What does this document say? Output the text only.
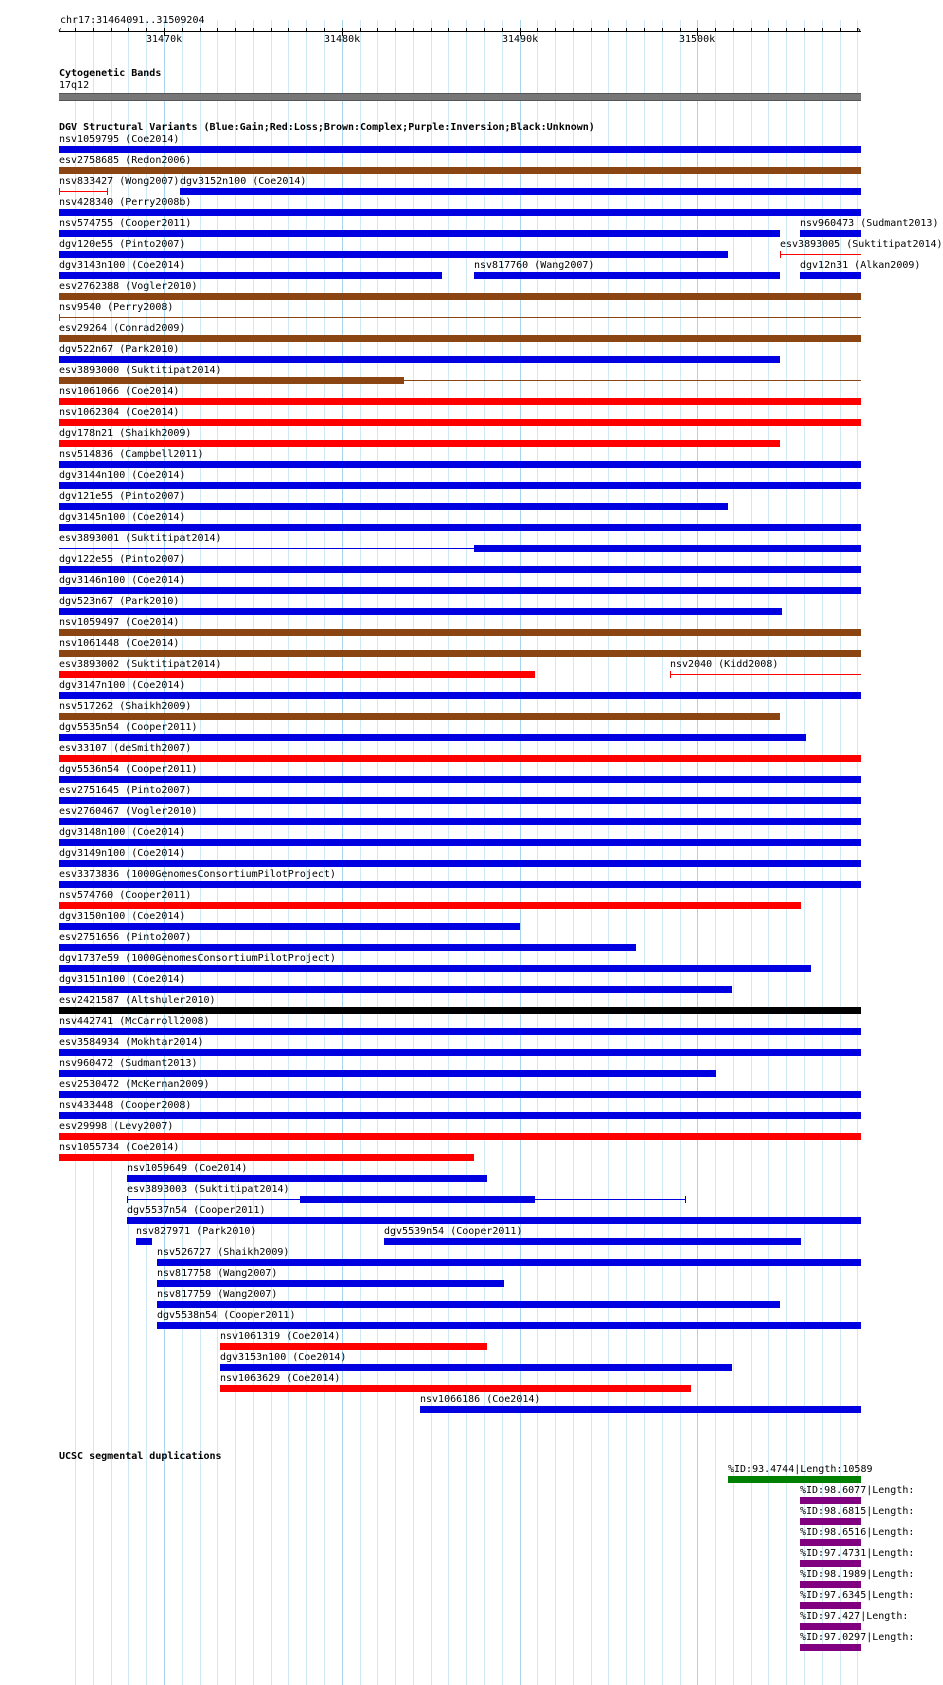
chr17:31464091..31509204
Cytogenetic Bands
17q12
DGV Structural Variants (Blue:Gain;Red:Loss;Brown:Complex;Purple:Inversion;Black:Unknown)
UCSC segmental duplications
31470k	31480k	31490k	31500k
‹	›
nsv1059795 (Coe2014)
esv2758685 (Redon2006)
nsv833427 (Wong2007) dgv3152n100 (Coe2014)
nsv428340 (Perry2008b)
nsv574755 (Cooper2011)	nsv960473 (Sudmant2013)
dgv120e55 (Pinto2007)	esv3893005 (Suktitipat2014)
dgv3143n100 (Coe2014)	nsv817760 (Wang2007)	dgv12n31 (Alkan2009)
esv2762388 (Vogler2010)
nsv9540 (Perry2008)
esv29264 (Conrad2009)
dgv522n67 (Park2010)
esv3893000 (Suktitipat2014)
nsv1061066 (Coe2014)
nsv1062304 (Coe2014)
dgv178n21 (Shaikh2009)
nsv514836 (Campbell2011)
dgv3144n100 (Coe2014)
dgv121e55 (Pinto2007)
dgv3145n100 (Coe2014)
esv3893001 (Suktitipat2014)
dgv122e55 (Pinto2007)
dgv3146n100 (Coe2014)
dgv523n67 (Park2010)
nsv1059497 (Coe2014)
nsv1061448 (Coe2014)
esv3893002 (Suktitipat2014)	nsv2040 (Kidd2008)
dgv3147n100 (Coe2014)
nsv517262 (Shaikh2009)
dgv5535n54 (Cooper2011)
esv33107 (deSmith2007)
dgv5536n54 (Cooper2011)
esv2751645 (Pinto2007)
esv2760467 (Vogler2010)
dgv3148n100 (Coe2014)
dgv3149n100 (Coe2014)
esv3373836 (1000GenomesConsortiumPilotProject)
nsv574760 (Cooper2011)
dgv3150n100 (Coe2014)
esv2751656 (Pinto2007)
dgv1737e59 (1000GenomesConsortiumPilotProject)
dgv3151n100 (Coe2014)
esv2421587 (Altshuler2010)
nsv442741 (McCarroll2008)
esv3584934 (Mokhtar2014)
nsv960472 (Sudmant2013)
esv2530472 (McKernan2009)
nsv433448 (Cooper2008)
esv29998 (Levy2007)
nsv1055734 (Coe2014)
nsv1059649 (Coe2014)
esv3893003 (Suktitipat2014)
dgv5537n54 (Cooper2011)
nsv827971 (Park2010)	dgv5539n54 (Cooper2011)
nsv526727 (Shaikh2009)
nsv817758 (Wang2007)
nsv817759 (Wang2007)
dgv5538n54 (Cooper2011)
nsv1061319 (Coe2014)
dgv3153n100 (Coe2014)
nsv1063629 (Coe2014)
nsv1066186 (Coe2014)
%ID:93.4744|Length:10589
%ID:98.6077|Length:
%ID:98.6815|Length:
%ID:98.6516|Length:
%ID:97.4731|Length:
%ID:98.1989|Length:
%ID:97.6345|Length:
%ID:97.427|Length:
%ID:97.0297|Length:
